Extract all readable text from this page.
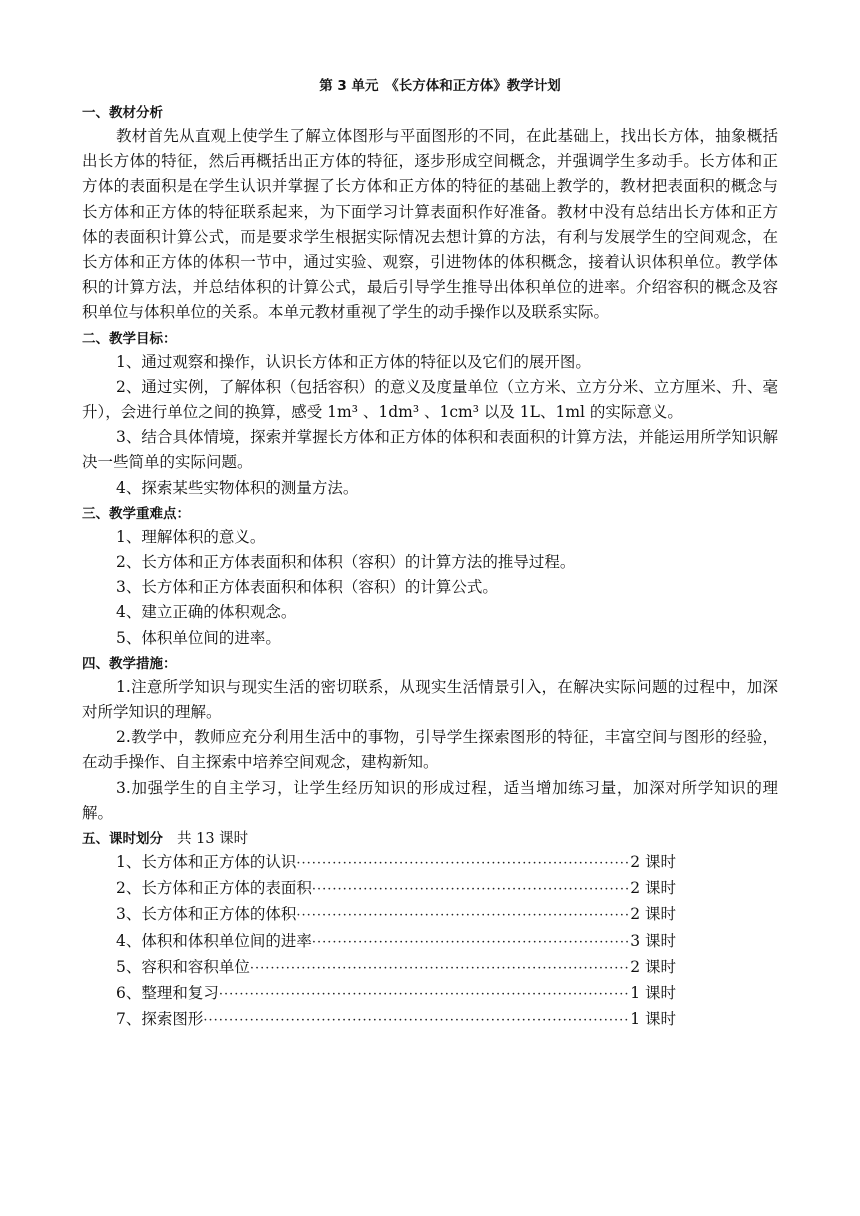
第 3 单元　《长方体和正方体》教学计划
一、教材分析

教材首先从直观上使学生了解立体图形与平面图形的不同，在此基础上，找出长方体，抽象概括出长方体的特征，然后再概括出正方体的特征，逐步形成空间概念，并强调学生多动手。长方体和正方体的表面积是在学生认识并掌握了长方体和正方体的特征的基础上教学的，教材把表面积的概念与长方体和正方体的特征联系起来，为下面学习计算表面积作好准备。教材中没有总结出长方体和正方体的表面积计算公式，而是要求学生根据实际情况去想计算的方法，有利与发展学生的空间观念，在长方体和正方体的体积一节中，通过实验、观察，引进物体的体积概念，接着认识体积单位。教学体积的计算方法，并总结体积的计算公式，最后引导学生推导出体积单位的进率。介绍容积的概念及容积单位与体积单位的关系。本单元教材重视了学生的动手操作以及联系实际。

二、教学目标：

1、通过观察和操作，认识长方体和正方体的特征以及它们的展开图。

2、通过实例，了解体积（包括容积）的意义及度量单位（立方米、立方分米、立方厘米、升、毫升），会进行单位之间的换算，感受 1m³ 、1dm³ 、1cm³ 以及 1L、1ml 的实际意义。

3、结合具体情境，探索并掌握长方体和正方体的体积和表面积的计算方法，并能运用所学知识解决一些简单的实际问题。

4、探索某些实物体积的测量方法。

三、教学重难点：

1、理解体积的意义。

2、长方体和正方体表面积和体积（容积）的计算方法的推导过程。

3、长方体和正方体表面积和体积（容积）的计算公式。

4、建立正确的体积观念。

5、体积单位间的进率。

四、教学措施：

1.注意所学知识与现实生活的密切联系，从现实生活情景引入，在解决实际问题的过程中，加深对所学知识的理解。

2.教学中，教师应充分利用生活中的事物，引导学生探索图形的特征，丰富空间与图形的经验，在动手操作、自主探索中培养空间观念，建构新知。

3.加强学生的自主学习，让学生经历知识的形成过程，适当增加练习量，加深对所学知识的理解。

五、课时划分 共 13 课时
1、长方体和正方体的认识 ·····	2 课时
2、长方体和正方体的表面积 ·····	2 课时
3、长方体和正方体的体积 ·····	2 课时
4、体积和体积单位间的进率 ·····	3 课时
5、容积和容积单位 ·····	2 课时
6、整理和复习 ·····	1 课时
7、探索图形 ·····	1 课时
